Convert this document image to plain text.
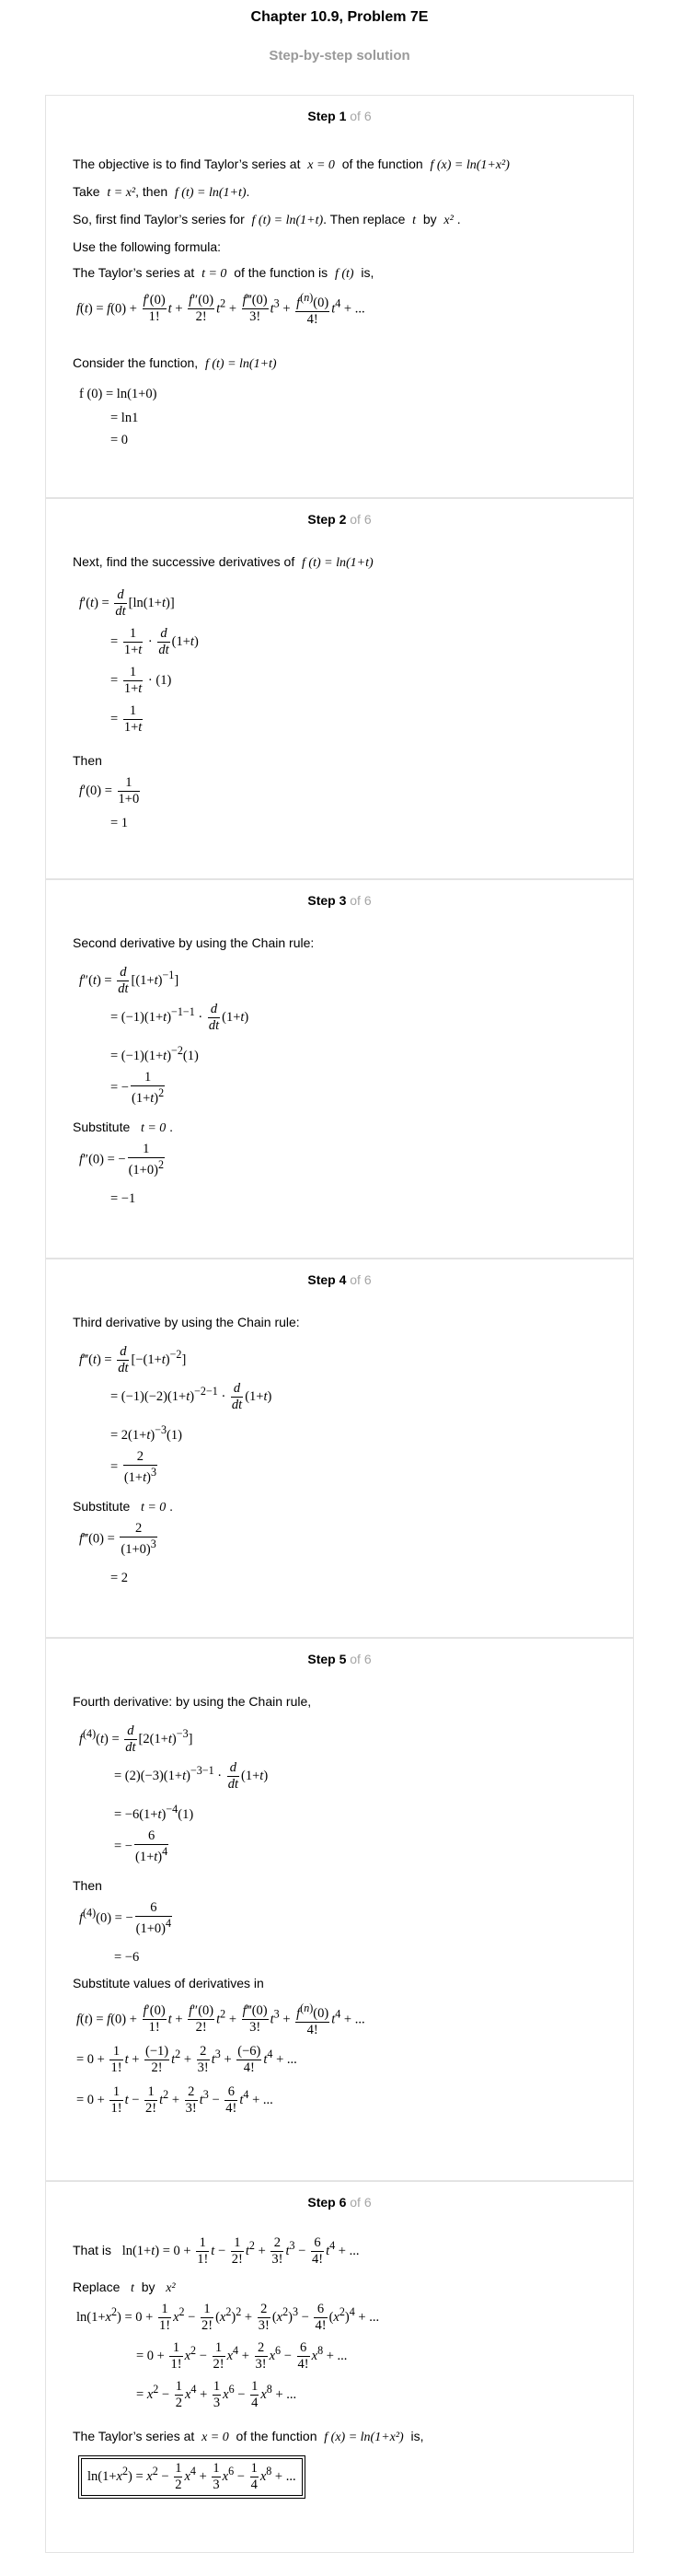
Chapter 10.9, Problem 7E
Step-by-step solution
Step 1 of 6
The objective is to find Taylor’s series at x = 0 of the function f (x) = ln(1+x²)
Take t = x², then f (t) = ln(1+t).
So, first find Taylor’s series for f (t) = ln(1+t). Then replace t by x² .
Use the following formula:
The Taylor’s series at t = 0 of the function is f (t) is,
$f(t) = f(0) + \frac{f'(0)}{1!}$ $t + \frac{f''(0)}{2!} t^2 + \frac{f‴(0)}{3!} t^3 + \frac{f^{(n)}(0)}{4!} t^4$ + ...
Consider the function, f (t) = ln(1+t)
f (0) = ln(1+0)
= ln1
= 0
Step 2 of 6
Next, find the successive derivatives of f (t) = ln(1+t)
$f'(t) = \frac{d}{dt} [\ln(1+t)]$
= $\frac{1}{1+t} \cdot \frac{d}{dt} (1+t)$
= $\frac{1}{1+t} \cdot (1)$
= $\frac{1}{1+t}$
Then
$f'(0) = \frac{1}{1+0}$
= 1
Step 3 of 6
Second derivative by using the Chain rule:
$f''(t) = \frac{d}{dt} [(1+t)^{-1}]$
= $(-1)(1+t)^{-1-1} \cdot \frac{d}{dt} (1+t)$
= $(-1)(1+t)^{-2}(1)$
= − $\frac{1}{(1+t)^2}$
Substitute t = 0 .
f″(0) = − $\frac{1}{(1+0)^2}$
= −1
Step 4 of 6
Third derivative by using the Chain rule:
f‴(t) = $\frac{d}{dt} [-(1+t)^{-2}]$
= $(-1)(-2)(1+t)^{-2-1} \cdot \frac{d}{dt} (1+t)$
= $2(1+t)^{-3}(1)$
= $\frac{2}{(1+t)^3}$
Substitute t = 0 .
f‴(0) = $\frac{2}{(1+0)^3}$
= 2
Step 5 of 6
Fourth derivative: by using the Chain rule,
$f^{(4)}(t) = \frac{d}{dt} [2(1+t)^{-3}]$
= $(2)(-3)(1+t)^{-3-1} \cdot \frac{d}{dt} (1+t)$
= $-6(1+t)^{-4}(1)$
= − $\frac{6}{(1+t)^4}$
Then
$f^{(4)}(0)$ = − $\frac{6}{(1+0)^4}$
= −6
Substitute values of derivatives in
$f(t) = f(0) + \frac{f'(0)}{1!}$ $t + \frac{f''(0)}{2!} t^2 + \frac{f‴(0)}{3!} t^3 + \frac{f^{(n)}(0)}{4!} t^4$ + ...
= $0 + \frac{1}{1!}$ $t + \frac{(-1)}{2!} t^2 + \frac{2}{3!} t^3 + \frac{(-6)}{4!} t^4$ + ...
= $0 + \frac{1}{1!}$ $t - \frac{1}{2!} t^2 + \frac{2}{3!} t^3 - \frac{6}{4!} t^4$ + ...
Step 6 of 6
That is $\ln(1+t) = 0 + \frac{1}{1!}$ $t - \frac{1}{2!} t^2 + \frac{2}{3!} t^3 - \frac{6}{4!} t^4$ + ...
Replace t by x²
$\ln(1+x^2) = 0 + \frac{1}{1!} x^2 - \frac{1}{2!} (x^2)^2 + \frac{2}{3!} (x^2)^3 - \frac{6}{4!} (x^2)^4$ + ...
= $0 + \frac{1}{1!} x^2 - \frac{1}{2!} x^4 + \frac{2}{3!} x^6 - \frac{6}{4!} x^8$ + ...
= $x^2 - \frac{1}{2} x^4 + \frac{1}{3} x^6 - \frac{1}{4} x^8$ + ...
The Taylor’s series at x = 0 of the function f (x) = ln(1+x²) is,
$\ln(1+x^2) = x^2 - \frac{1}{2} x^4 + \frac{1}{3} x^6 - \frac{1}{4} x^8$ + ...
